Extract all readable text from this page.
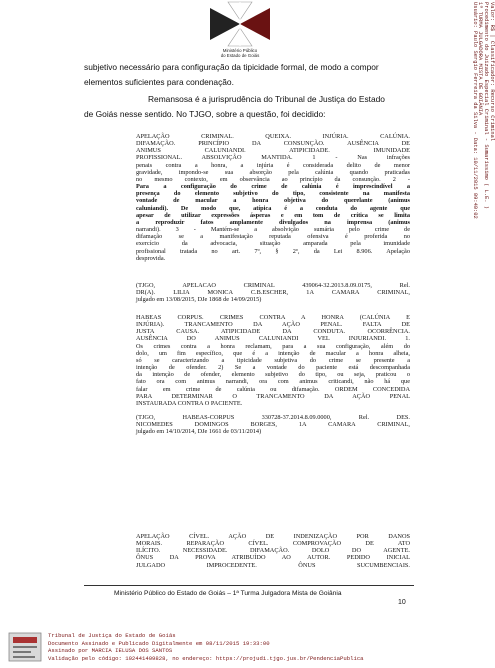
Ministério Público
do Estado de Goiás
subjetivo necessário para configuração da tipicidade formal, de modo a compor
elementos suficientes para condenação.
Remansosa é a jurisprudência do Tribunal de Justiça do Estado
de Goiás nesse sentido. No TJGO, sobre a questão, foi decidido:
APELAÇÃO CRIMINAL. QUEIXA. INJÚRIA. CALÚNIA.
DIFAMAÇÃO. PRINCÍPIO DA CONSUNÇÃO. AUSÊNCIA DE
ANIMUS CALUNIANDI. ATIPICIDADE. IMUNIDADE
PROFISSIONAL. ABSOLVIÇÃO MANTIDA. 1 - Nas infrações
penais contra a honra, a injúria é considerada delito de menor
gravidade, impondo-se sua absorção pela calúnia quando praticadas
no mesmo contexto, em observância ao princípio da consunção. 2 -
Para a configuração do crime de calúnia é imprescindível a
presença do elemento subjetivo do tipo, consistente na manifesta
vontade de macular a honra objetiva do querelante (animus
caluniandi). De modo que, atípica é a conduta do agente que
apesar de utilizar expressões ásperas e em tom de crítica se limita
a reproduzir fatos amplamente divulgados na imprensa (animus
narrandi). 3 - Mantém-se a absolvição sumária pelo crime de
difamação se a manifestação reputada ofensiva é proferida no
exercício da advocacia, situação amparada pela imunidade
profissional tratada no art. 7º, § 2º, da Lei 8.906. Apelação
desprovida.
(TJGO, APELACAO CRIMINAL 439064-32.2013.8.09.0175, Rel.
DR(A). LILIA MONICA C.B.ESCHER, 1A CAMARA CRIMINAL,
julgado em 13/08/2015, DJe 1868 de 14/09/2015)
HABEAS CORPUS. CRIMES CONTRA A HONRA (CALÚNIA E
INJÚRIA). TRANCAMENTO DA AÇÃO PENAL. FALTA DE
JUSTA CAUSA. ATIPICIDADE DA CONDUTA. OCORRÊNCIA.
AUSÊNCIA DO ANIMUS CALUNIANDI VEL INJURIANDI. 1.
Os crimes contra a honra reclamam, para a sua configuração, além do
dolo, um fim específico, que é a intenção de macular a honra alheia,
só se caracterizando a tipicidade subjetiva do crime se presente a
intenção de ofender. 2) Se a vontade do paciente está descompanhada
da intenção de ofender, elemento subjetivo do tipo, ou seja, praticou o
fato ora com animus narrandi, ora com animus criticandi, não há que
falar em crime de calúnia ou difamação. ORDEM CONCEDIDA
PARA DETERMINAR O TRANCAMENTO DA AÇÃO PENAL
INSTAURADA CONTRA O PACIENTE.
(TJGO, HABEAS-CORPUS 330728-37.2014.8.09.0000, Rel. DES.
NICOMEDES DOMINGOS BORGES, 1A CAMARA CRIMINAL,
julgado em 14/10/2014, DJe 1661 de 03/11/2014)
APELAÇÃO CÍVEL. AÇÃO DE INDENIZAÇÃO POR DANOS
MORAIS. REPARAÇÃO CÍVEL. COMPROVAÇÃO DE ATO
ILÍCITO. NECESSIDADE. DIFAMAÇÃO. DOLO DO AGENTE.
ÔNUS DA PROVA ATRIBUÍDO AO AUTOR. PEDIDO INICIAL
JULGADO IMPROCEDENTE. ÔNUS SUCUMBENCIAIS.
Ministério Público do Estado de Goiás – 1ª Turma Julgadora Mista de Goiânia
10
Valor: R$ | Classificador: Recurso Criminal
Procedimento do Juizado Especial Criminal - Sumaríssimo ( L.E. )
1ª TURMA JULGADORA MISTA DE GOIÂNIA
Usuário: Paulo Sergio Ferreira da Silva - Data: 10/11/2015 09:40:02
Tribunal de Justiça do Estado de Goiás
Documento Assinado e Publicado Digitalmente em 08/11/2015 19:33:00
Assinado por MARCIA IELUSA DOS SANTOS
Validação pelo código: 102441409828, no endereço: https://projudi.tjgo.jus.br/PendenciaPublica
